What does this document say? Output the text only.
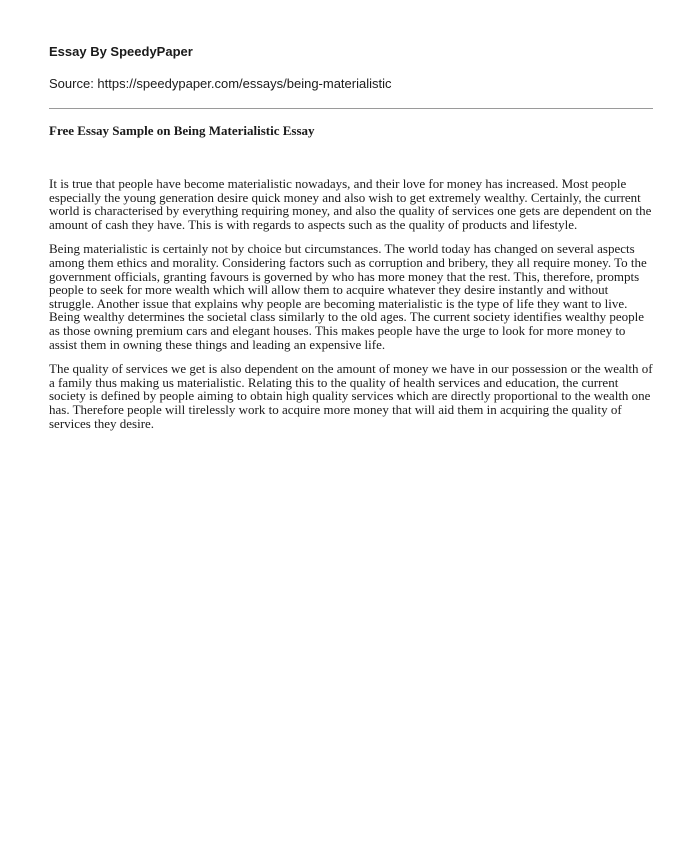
Essay By SpeedyPaper
Source: https://speedypaper.com/essays/being-materialistic
Free Essay Sample on Being Materialistic Essay

It is true that people have become materialistic nowadays, and their love for money has increased. Most people especially the young generation desire quick money and also wish to get extremely wealthy. Certainly, the current world is characterised by everything requiring money, and also the quality of services one gets are dependent on the amount of cash they have. This is with regards to aspects such as the quality of products and lifestyle.

Being materialistic is certainly not by choice but circumstances. The world today has changed on several aspects among them ethics and morality. Considering factors such as corruption and bribery, they all require money. To the government officials, granting favours is governed by who has more money that the rest. This, therefore, prompts people to seek for more wealth which will allow them to acquire whatever they desire instantly and without struggle. Another issue that explains why people are becoming materialistic is the type of life they want to live. Being wealthy determines the societal class similarly to the old ages. The current society identifies wealthy people as those owning premium cars and elegant houses. This makes people have the urge to look for more money to assist them in owning these things and leading an expensive life.

The quality of services we get is also dependent on the amount of money we have in our possession or the wealth of a family thus making us materialistic. Relating this to the quality of health services and education, the current society is defined by people aiming to obtain high quality services which are directly proportional to the wealth one has. Therefore people will tirelessly work to acquire more money that will aid them in acquiring the quality of services they desire.
